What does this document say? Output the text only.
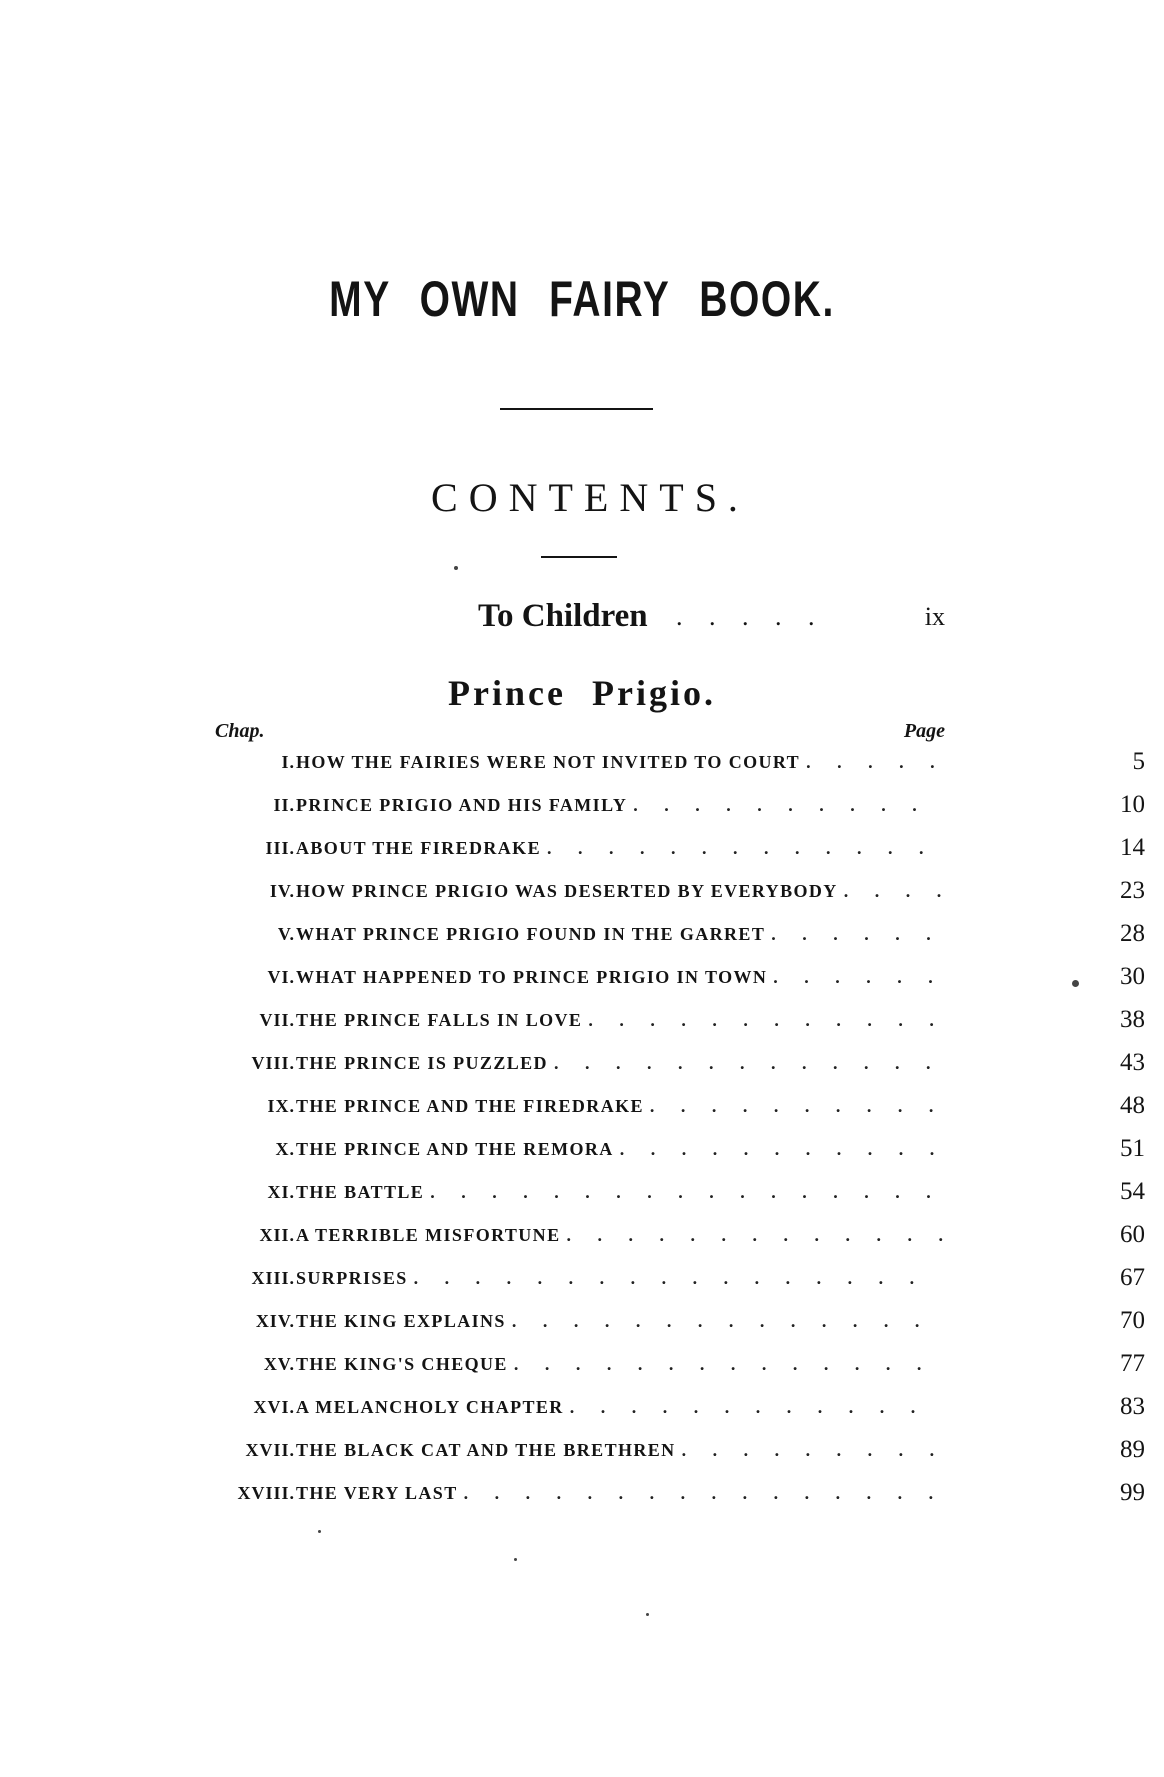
MY OWN FAIRY BOOK.
CONTENTS.
To Children . . . . .	ix
Prince Prigio.
Chap.	Page
I. HOW THE FAIRIES WERE NOT INVITED TO COURT . . . . .	5
II. PRINCE PRIGIO AND HIS FAMILY . . . . . . . . . .	10
III. ABOUT THE FIREDRAKE . . . . . . . . . . . . .	14
IV. HOW PRINCE PRIGIO WAS DESERTED BY EVERYBODY . . . .	23
V. WHAT PRINCE PRIGIO FOUND IN THE GARRET . . . . . .	28
VI. WHAT HAPPENED TO PRINCE PRIGIO IN TOWN . . . . . .	30
VII. THE PRINCE FALLS IN LOVE . . . . . . . . . . . .	38
VIII. THE PRINCE IS PUZZLED . . . . . . . . . . . . .	43
IX. THE PRINCE AND THE FIREDRAKE . . . . . . . . . .	48
X. THE PRINCE AND THE REMORA . . . . . . . . . . .	51
XI. THE BATTLE . . . . . . . . . . . . . . . . .	54
XII. A TERRIBLE MISFORTUNE . . . . . . . . . . . . .	60
XIII. SURPRISES . . . . . . . . . . . . . . . . .	67
XIV. THE KING EXPLAINS . . . . . . . . . . . . . .	70
XV. THE KING'S CHEQUE . . . . . . . . . . . . . .	77
XVI. A MELANCHOLY CHAPTER . . . . . . . . . . . .	83
XVII. THE BLACK CAT AND THE BRETHREN . . . . . . . . .	89
XVIII. THE VERY LAST . . . . . . . . . . . . . . . .	99
